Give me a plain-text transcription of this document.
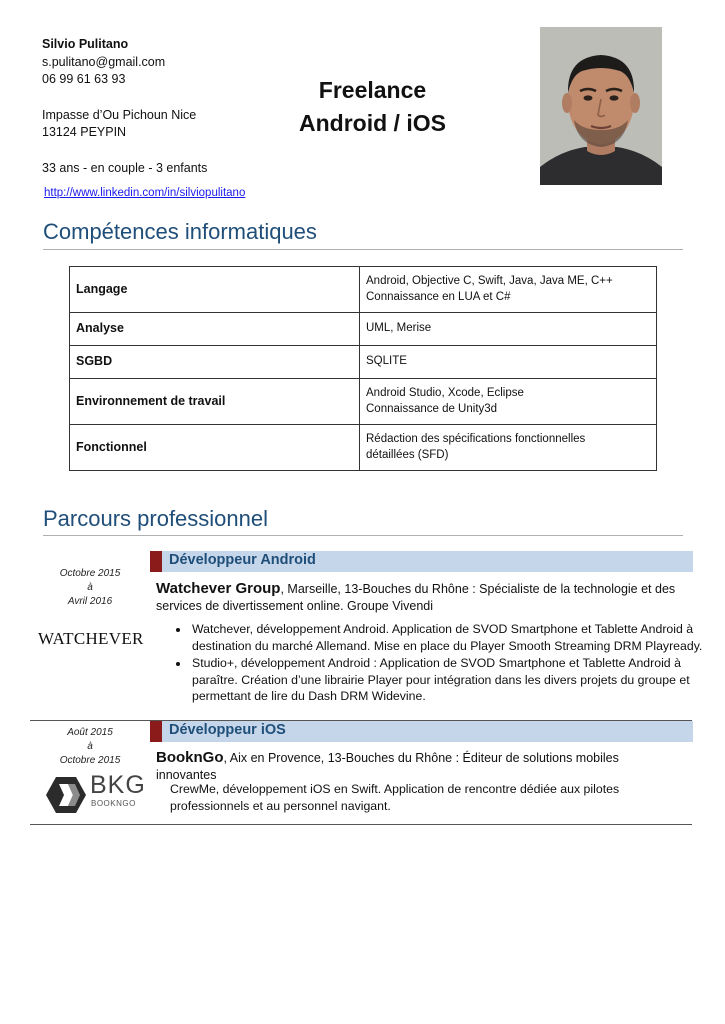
Silvio Pulitano
s.pulitano@gmail.com
06 99 61 63 93
Impasse d’Ou Pichoun Nice
13124 PEYPIN
33 ans - en couple - 3 enfants
http://www.linkedin.com/in/silviopulitano
Freelance
Android / iOS
Compétences informatiques
Langage	Android, Objective C, Swift, Java, Java ME, C++
Connaissance en LUA et C#

Analyse	UML, Merise
SGBD	SQLITE
Environnement de travail	Android Studio, Xcode, Eclipse
Connaissance de Unity3d

Fonctionnel	Rédaction des spécifications fonctionnelles
détaillées (SFD)
Parcours professionnel
Octobre 2015
à
Avril 2016
WATCHEVER
Développeur Android
Watchever Group, Marseille, 13-Bouches du Rhône : Spécialiste de la technologie et des services de divertissement online. Groupe Vivendi
• Watchever, développement Android. Application de SVOD Smartphone et Tablette Android à destination du marché Allemand. Mise en place du Player Smooth Streaming DRM Playready.
• Studio+, développement Android : Application de SVOD Smartphone et Tablette Android à paraître. Création d’une librairie Player pour intégration dans les divers projets du groupe et permettant de lire du Dash DRM Widevine.
Août 2015
à
Octobre 2015
BKG
BOOKNGO
Développeur iOS
BooknGo, Aix en Provence, 13-Bouches du Rhône : Éditeur de solutions mobiles innovantes
CrewMe, développement iOS en Swift. Application de rencontre dédiée aux pilotes professionnels et au personnel navigant.
